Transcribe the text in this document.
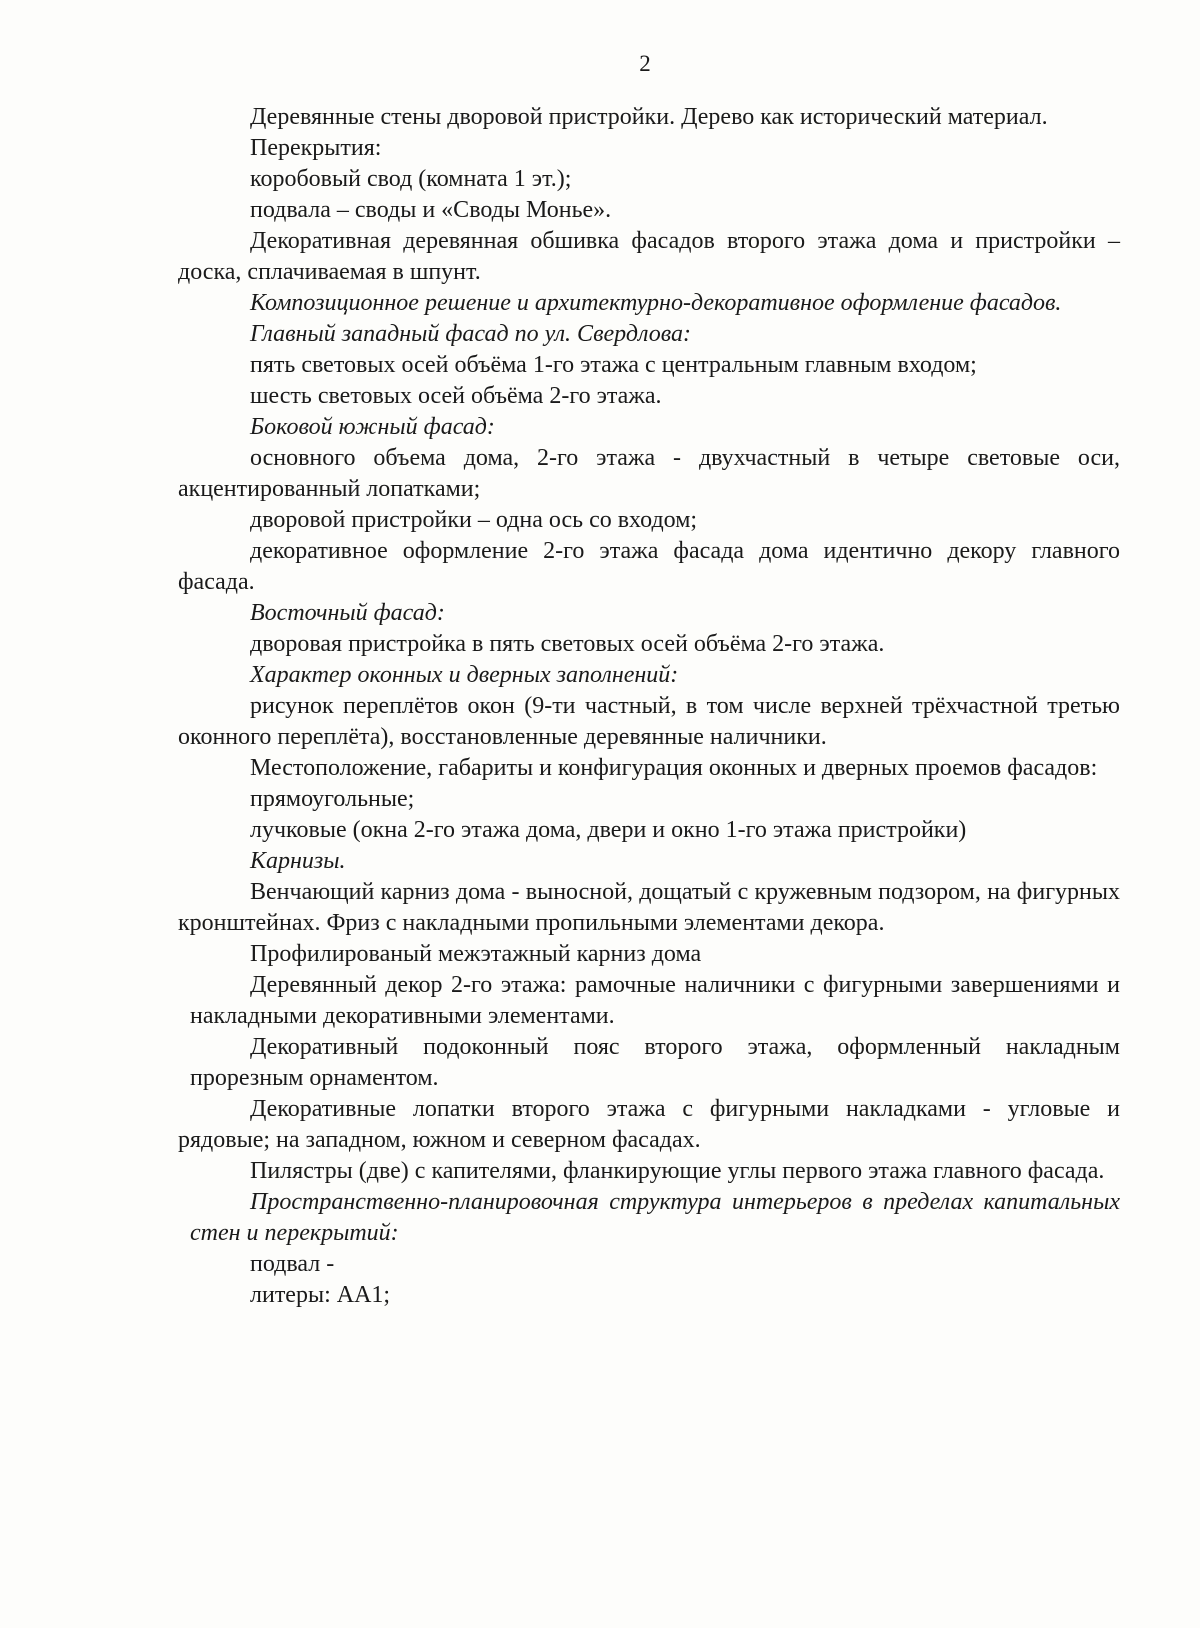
2

Деревянные стены дворовой пристройки. Дерево как исторический материал.

Перекрытия:

коробовый свод (комната 1 эт.);

подвала – своды и «Своды Монье».

Декоративная деревянная обшивка фасадов второго этажа дома и пристройки – доска, сплачиваемая в шпунт.

Композиционное решение и архитектурно-декоративное оформление фасадов.

Главный западный фасад по ул. Свердлова:

пять световых осей объёма 1-го этажа с центральным главным входом;

шесть световых осей объёма 2-го этажа.

Боковой южный фасад:

основного объема дома, 2-го этажа - двухчастный в четыре световые оси, акцентированный лопатками;

дворовой пристройки – одна ось со входом;

декоративное оформление 2-го этажа фасада дома идентично декору главного фасада.

Восточный фасад:

дворовая пристройка в пять световых осей объёма 2-го этажа.

Характер оконных и дверных заполнений:

рисунок переплётов окон (9-ти частный, в том числе верхней трёхчастной третью оконного переплёта), восстановленные деревянные наличники.

Местоположение, габариты и конфигурация оконных и дверных проемов фасадов:

прямоугольные;

лучковые (окна 2-го этажа дома, двери и окно 1-го этажа пристройки)

Карнизы.

Венчающий карниз дома - выносной, дощатый с кружевным подзором, на фигурных кронштейнах. Фриз с накладными пропильными элементами декора.

Профилированый межэтажный карниз дома

Деревянный декор 2-го этажа: рамочные наличники с фигурными завершениями и накладными декоративными элементами.

Декоративный подоконный пояс второго этажа, оформленный накладным прорезным орнаментом.

Декоративные лопатки второго этажа с фигурными накладками - угловые и рядовые; на западном, южном и северном фасадах.

Пилястры (две) с капителями, фланкирующие углы первого этажа главного фасада.

Пространственно-планировочная структура интерьеров в пределах капитальных стен и перекрытий:

подвал -

литеры: АА1;
